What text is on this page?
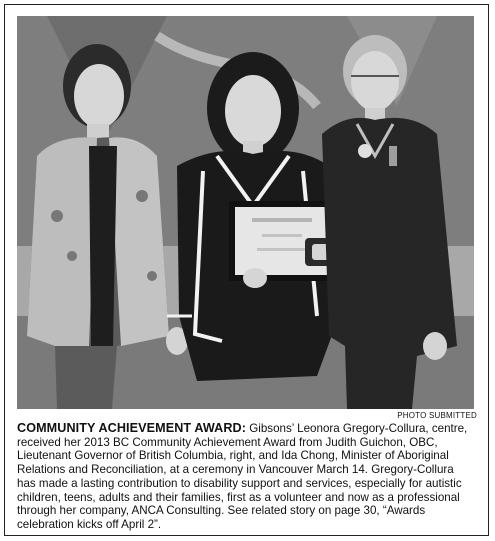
PHOTO SUBMITTED
COMMUNITY ACHIEVEMENT AWARD: Gibsons’ Leonora Gregory-Collura, centre, received her 2013 BC Community Achievement Award from Judith Guichon, OBC, Lieutenant Governor of British Columbia, right, and Ida Chong, Minister of Aboriginal Relations and Reconciliation, at a ceremony in Vancouver March 14. Gregory-Collura has made a lasting contribution to disability support and services, especially for autistic children, teens, adults and their families, first as a volunteer and now as a professional through her company, ANCA Consulting. See related story on page 30, “Awards celebration kicks off April 2”.
